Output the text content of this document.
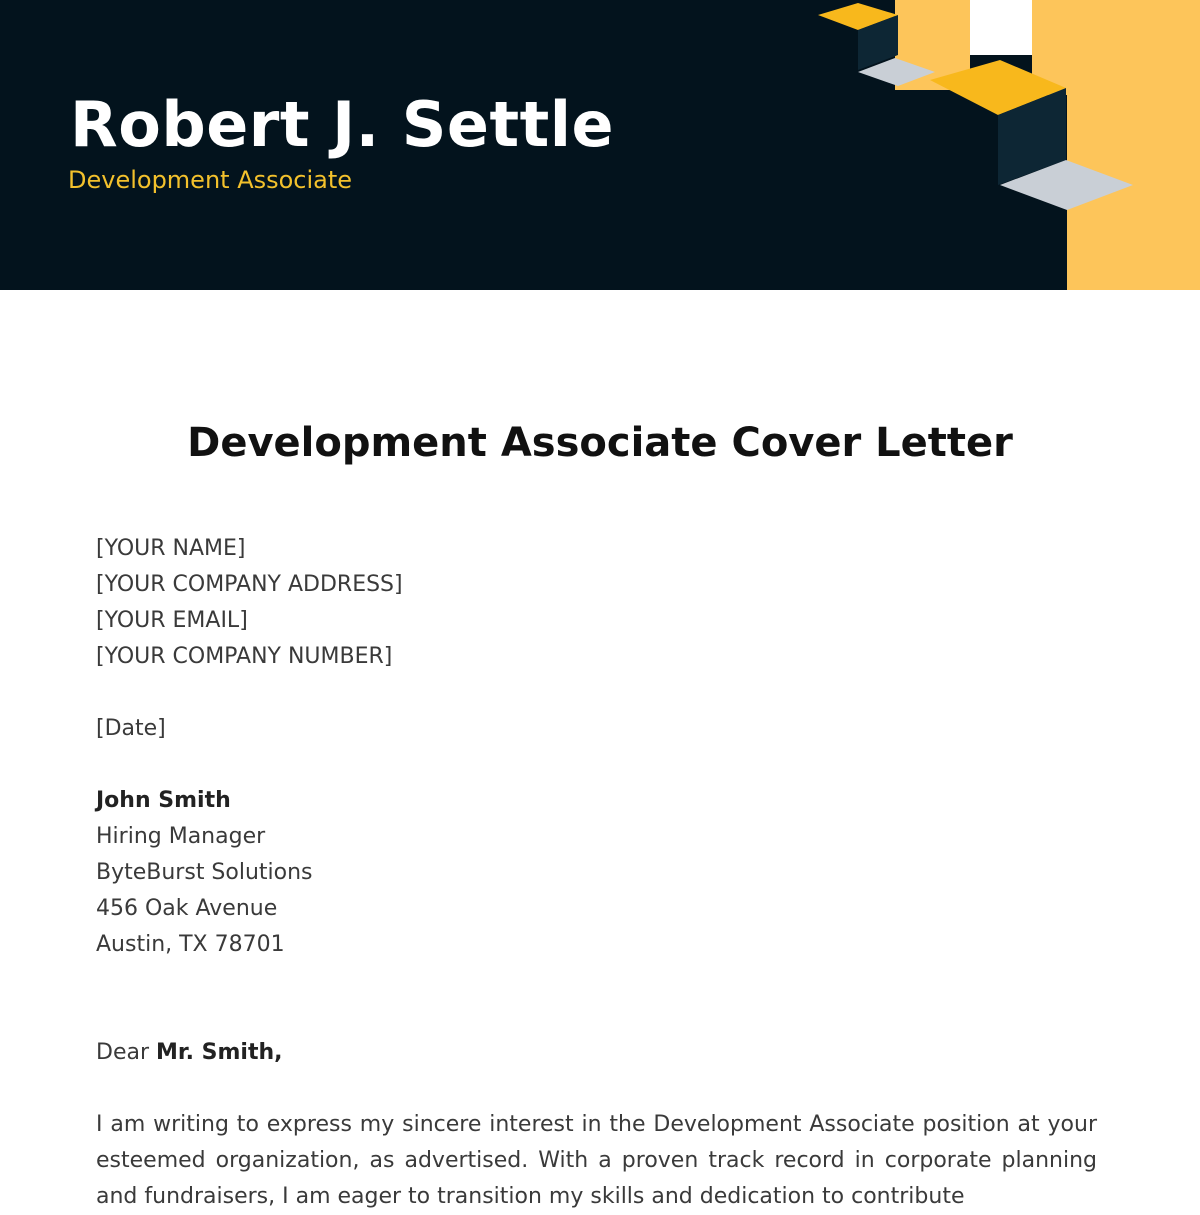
Robert J. Settle
Development Associate
Development Associate Cover Letter
[YOUR NAME]
[YOUR COMPANY ADDRESS]
[YOUR EMAIL]
[YOUR COMPANY NUMBER]
[Date]
John Smith
Hiring Manager
ByteBurst Solutions
456 Oak Avenue
Austin, TX 78701
Dear Mr. Smith,
I am writing to express my sincere interest in the Development Associate position at your esteemed organization, as advertised. With a proven track record in corporate planning and fundraisers, I am eager to transition my skills and dedication to contribute
